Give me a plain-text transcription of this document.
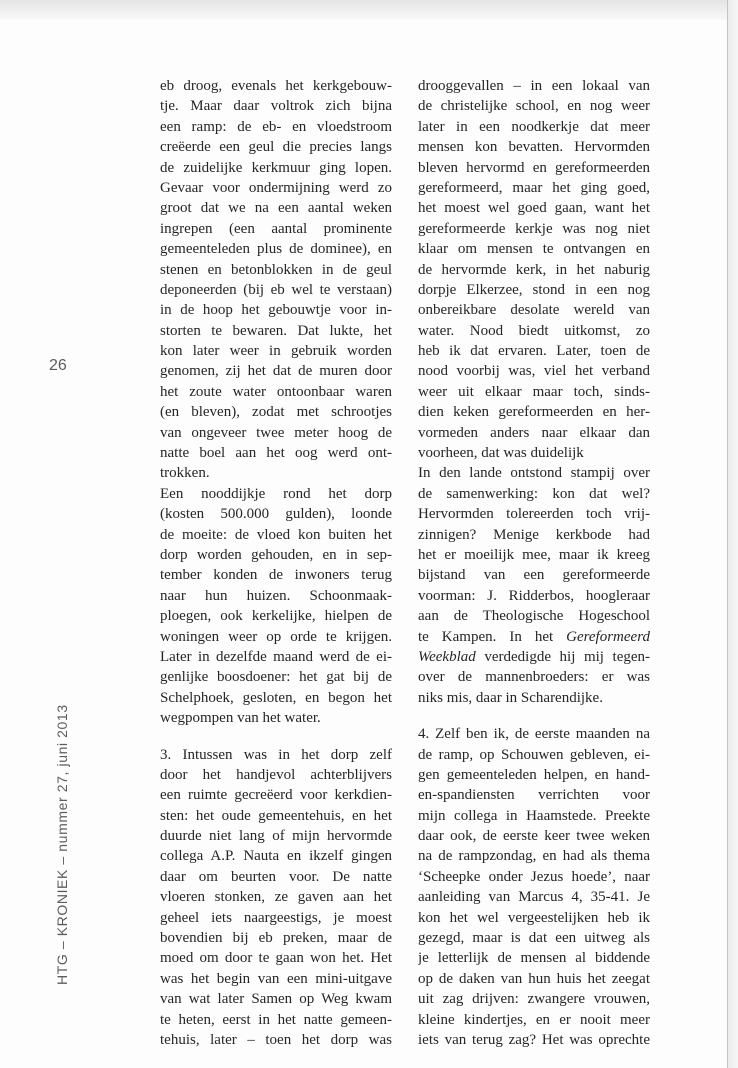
26
HTG – KRONIEK – nummer 27, juni 2013
eb droog, evenals het kerkgebouw-
tje. Maar daar voltrok zich bijna
een ramp: de eb- en vloedstroom
creëerde een geul die precies langs
de zuidelijke kerkmuur ging lopen.
Gevaar voor ondermijning werd zo
groot dat we na een aantal weken
ingrepen (een aantal prominente
gemeenteleden plus de dominee), en
stenen en betonblokken in de geul
deponeerden (bij eb wel te verstaan)
in de hoop het gebouwtje voor in-
storten te bewaren. Dat lukte, het
kon later weer in gebruik worden
genomen, zij het dat de muren door
het zoute water ontoonbaar waren
(en bleven), zodat met schrootjes
van ongeveer twee meter hoog de
natte boel aan het oog werd ont-
trokken.
Een nooddijkje rond het dorp
(kosten 500.000 gulden), loonde
de moeite: de vloed kon buiten het
dorp worden gehouden, en in sep-
tember konden de inwoners terug
naar hun huizen. Schoonmaak-
ploegen, ook kerkelijke, hielpen de
woningen weer op orde te krijgen.
Later in dezelfde maand werd de ei-
genlijke boosdoener: het gat bij de
Schelphoek, gesloten, en begon het
wegpompen van het water.
3. Intussen was in het dorp zelf
door het handjevol achterblijvers
een ruimte gecreëerd voor kerkdien-
sten: het oude gemeentehuis, en het
duurde niet lang of mijn hervormde
collega A.P. Nauta en ikzelf gingen
daar om beurten voor. De natte
vloeren stonken, ze gaven aan het
geheel iets naargeestigs, je moest
bovendien bij eb preken, maar de
moed om door te gaan won het. Het
was het begin van een mini-uitgave
van wat later Samen op Weg kwam
te heten, eerst in het natte gemeen-
tehuis, later – toen het dorp was
drooggevallen – in een lokaal van
de christelijke school, en nog weer
later in een noodkerkje dat meer
mensen kon bevatten. Hervormden
bleven hervormd en gereformeerden
gereformeerd, maar het ging goed,
het moest wel goed gaan, want het
gereformeerde kerkje was nog niet
klaar om mensen te ontvangen en
de hervormde kerk, in het naburig
dorpje Elkerzee, stond in een nog
onbereikbare desolate wereld van
water. Nood biedt uitkomst, zo
heb ik dat ervaren. Later, toen de
nood voorbij was, viel het verband
weer uit elkaar maar toch, sinds-
dien keken gereformeerden en her-
vormeden anders naar elkaar dan
voorheen, dat was duidelijk
In den lande ontstond stampij over
de samenwerking: kon dat wel?
Hervormden tolereerden toch vrij-
zinnigen? Menige kerkbode had
het er moeilijk mee, maar ik kreeg
bijstand van een gereformeerde
voorman: J. Ridderbos, hoogleraar
aan de Theologische Hogeschool
te Kampen. In het Gereformeerd
Weekblad verdedigde hij mij tegen-
over de mannenbroeders: er was
niks mis, daar in Scharendijke.
4. Zelf ben ik, de eerste maanden na
de ramp, op Schouwen gebleven, ei-
gen gemeenteleden helpen, en hand-
en-spandiensten verrichten voor
mijn collega in Haamstede. Preekte
daar ook, de eerste keer twee weken
na de rampzondag, en had als thema
‘Scheepke onder Jezus hoede’, naar
aanleiding van Marcus 4, 35-41. Je
kon het wel vergeestelijken heb ik
gezegd, maar is dat een uitweg als
je letterlijk de mensen al biddende
op de daken van hun huis het zeegat
uit zag drijven: zwangere vrouwen,
kleine kindertjes, en er nooit meer
iets van terug zag? Het was oprechte
